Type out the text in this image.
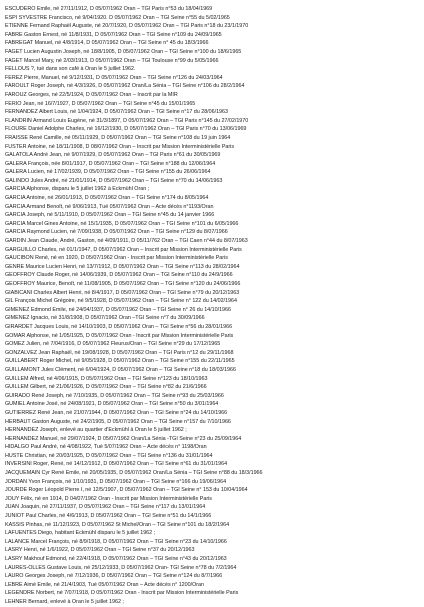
ESCUDERO Emile, né 27/11/1912, D 05/07/1962 Oran – TGI Paris n°53 du 18/04/1969
ESPI SYVESTRE Francisco, né 9/04/1920. D 05/07/1962 Oran – TGI Seine n°55 du 5/02/1965
ETIENNE Fernand Raphaël Auguste, né 20/7/1920, D 05/07/1962 Oran – TGI Paris n°18 du 23/1/1970
FABRE Gaston Ernest, né 11/8/1931, D 05/07/1962 Oran – TGI Seine n°109 du 24/09/1965
FABREGAT Manuel, né 4/8/1914, D 05/07/1962 Oran – TGI Seine n° 45 du 18/3/1966
FAGET Lucien Augustin Joseph, né 18/8/1905, D 05/07/1962 Oran – TGI Seine n°100 du 18/6/1965
FAGET Marcel Mary, né 2/03/1913, D 05/07/1962 Oran – TGI Toulouse n°99 du 5/05/1966
FELLOUS ?, tué dans son café à Oran le 5 juillet 1962.
FEREZ Pierre, Manuel, né 9/12/1931, D 05/07/1962 Oran – TGI Seine n°126 du 24/03/1964
FAROULT Roger Joseph, né 4/3/1926, D 05/07/1962 Oran/La Sénia – TGI Seine n°106 du 28/2/1964
FAROUZ Georges, né 22/5/1924, D 05/07/1962 Oran – Inscrit par la MIR
FERIO Jean, né 16/7/1927, D 05/07/1962 Oran – TGI Seine n°45 du 15/01/1965
FERNANDEZ Albert Louis, né 1/04/1924, D 05/07/1962 Oran – TGI Seine n°17 du 28/06/1963
FLANDRIN Armand Louis Eugène, né 31/3/1897, D 05/07/1962 Oran – TGI Paris n°145 du 27/02/1970
FLOURE Daniel Adolphe Charles, né 16/12/1930, D 05/07/1962 Oran – TGI Paris n°70 du 13/06/1969
FRAISSE René Camille, né 05/11/1929, D 05/07/1962 Oran – TGI Seine n°108 du 19 juin 1964
FUSTER Antoine, né 18/11/1908, D 08/07/1962 Oran – Inscrit par Mission Interministérielle Paris
GALATOLA André Jean, né 9/07/1929, D 05/07/1962 Oran – TGI Paris n°61 du 30/05/1969
GALERA François, née 8/01/1917, D 05/07/1962 Oran – TGI Seine n°188 du 12/06/1964
GALERA Lucien, né 17/02/1939, D 05/07/1962 Oran – TGI Seine n°155 du 26/06/1964
GALINDO Jules André, né 21/01/1914, D 05/07/1962 Oran – TGI Seine n°70 du 14/06/1963
GARCIA Alphonse, disparu le 5 juillet 1962 à Eckmühl Oran ;
GARCIA Antoine, né 26/01/1913, D 05/07/1962 Oran – TGI Seine n°174 du 8/05/1964
GARCIA Armand Benoît, né 9/06/1913, Tué 05/07/1962 Oran – Acte décès n°1193/Oran
GARCIA Joseph, né 5/11/1910, D 05/07/1962 Oran – TGI Seine n°45 du 14 janvier 1966
GARCIA Marcel Gines Antoine, né 15/1/1935, D 05/07/1962 Oran – TGI Seine n°101 du 6/05/1966
GARCIA Raymond Lucien, né 7/09/1938, D 05/07/1962 Oran – TGI Seine n°129 du 8/07/1966
GARDIN Jean Claude, André, Gaston, né 4/09/1911, D 05/11/762 Oran – TGI Caen n°44 du 8/07/1963
GARGUILLO Charles, né 01/1/1947, D 05/07/1962 Oran – Inscrit par Mission Interministérielle Paris
GAUCIBON René, né en 1920, D 05/07/1962 Oran - Inscrit par Mission Interministérielle Paris
GENRE Maurice Lucien Henri, né 13/7/1912, D 05/07/1962 Oran – TGI Seine n°113 du 28/02/1964
GEOFFROY Claude Roger, né 14/06/1939, D 05/07/1962 Oran – TGI Seine n°110 du 24/9/1966
GEOFFROY Maurice, Benoît, né 11/08/1905, D 05/07/1962 Oran – TGI Seine n°120 du 24/06/1966
GIABICANI Charles Albert Henri, né 8/4/1917, D 05/07/1962 Oran – TGI Seine n°79 du 20/12/1963
GIL François Michel Grégoire, né 9/5/1928, D 05/07/1962 Oran – TGI Seine n° 122 du 14/02/1964
GIMENEZ Edmond Emile, né 24/04/1937, D 05/07/1962 Oran – TGI Seine n° 26 du 14/10/1966
GIMENEZ Ignacio, né 31/8/1908, D 05/07/1962 Oran –TGI Seine n°7 du 30/09/1966
GIRARDET Jacques Louis, né 14/10/1903, D 05/07/1962 Oran – TGI Seine n°56 du 28/01/1966
GOMAR Alphonse, né 1/05/1925, D 05/07/1962 Oran - Inscrit par Mission Interministérielle Paris
GOMEZ Julien, né 7/04/1916, D 05/07/1962 Fleurus/Oran – TGI Seine n°29 du 17/12/1965
GONZALVEZ Jean Raphaël, né 19/08/1928, D 05/07/1962 Oran – TGI Paris n°12 du 29/11/1968
GUILLABERT Roger Michel, né 9/05/1928, D 05/07/1962 Oran – TGI Seine n°155 du 22/11/1965
GUILLAMONT Jules Clément, né 6/04/1924, D 05/07/1962 Oran – TGI Seine n°18 du 18/03/1966
GUILLEM Alfred, né 4/06/1915, D 05/07/1962 Oran – TGI Seine n°123 du 18/10/1963
GUILLEM Gilbert, né 21/06/1926, D 05/07/1962 Oran – TGI Seine n°82 du 21/6/1966
GUIRADO René Joseph, né 7/10/1935, D 05/07/1962 Oran – TGI Seine n°93 du 25/03/1966
GUMIEL Antoine José, né 24/08/1921, D 05/07/1962 Oran – TGI Seine n°50 du 3/01/1964
GUTIERREZ René Jean, né 21/07/1944, D 05/07/1962 Oran – TGI Seine n°24 du 14/10/1966
HERBAUT Gaston Auguste, né 24/2/1905, D 05/07/1962 Oran – TGI Seine n°157 du 7/10/1966
HERNANDEZ Joseph, enlevé au quartier d'Eckmühl à Oran le 5 juillet 1962 ;
HERNANDEZ Manuel, né 29/07/1924, D 05/07/1962 Oran/La Sénia -TGI Seine n°23 du 25/09/1964
HIDALGO Paul André, né 4/08/1922, Tué 5/07/1962 Oran – Acte décès n° 1198/Oran
HUSTE Christian, né 20/03/1925, D 05/07/1962 Oran – TGI Seine n°136 du 31/01/1964
INVERSINI Roger, René, né 14/12/1912, D 05/07/1962 Oran – TGI Seine n°61 du 31/01/1964
JACQUEMAIN Cyr René Emile, né 20/05/1935, D 05/07/1962 Oran/La Sénia – TGI Seine n°88 du 18/3/1966
JORDAN Yvon François, né 1/10/1931, D 05/07/1962 Oran – TGI Seine n°166 du 19/06/1964
JOURDE Roger Léopold Pierre I, né 12/5/1907, D 05/07/1962 Oran – TGI Seine n° 153 du 10/04/1964
JOUY Félix, né en 1914, D 04/07/1962 Oran - Inscrit par Mission Interministérielle Paris
JUAN Joaquin, né 27/11/1937, D 05/07/1962 Oran – TGI Seine n°117 du 13/01/1964
JUNIOT Paul Charles, né 4/6/1913, D 05/07/1962 Oran – TGI Seine n°51 du 14/1/1966
KASSIS Pinhas, né 11/12/1923, D 05/07/1962 St Michel/Oran – TGI Seine n°101 du 18/2/1964
LAFUENTES Diego, habitant Eckmühl disparu le 5 juillet 1962 ;
LALANCE Marcel François, né 8/9/1918, D 05/07/1962 Oran – TGI Seine n°23 du 14/10/1966
LASRY Henri, né 1/6/1922, D 05/07/1962 Oran – TGI Seine n°37 du 20/12/1963
LASRY Makhouf Edmond, né 22/4/1918, D 05/07/1962 Oran – TGI Seine n°43 du 20/12/1963
LAURES-OLLES Gustave Louis, né 25/12/1933, D 05/07/1962 Oran- TGI Seine n°78 du 7/2/1964
LAURO Georges Joseph, né 7/12/1936, D 05/07/1962 Oran – TGI Seine n°124 du 8/7/1966
LEBRE Aimé Emile, né 21/4/1903, Tué 05/07/1962 Oran – Acte décès n° 1200/Oran
LEGENDRE Norbert, né 7/07/1918, D 05/07/1962 Oran - Inscrit par Mission Interministérielle Paris
LEHNER Bernard, enlevé à Oran le 5 juillet 1962 ;
